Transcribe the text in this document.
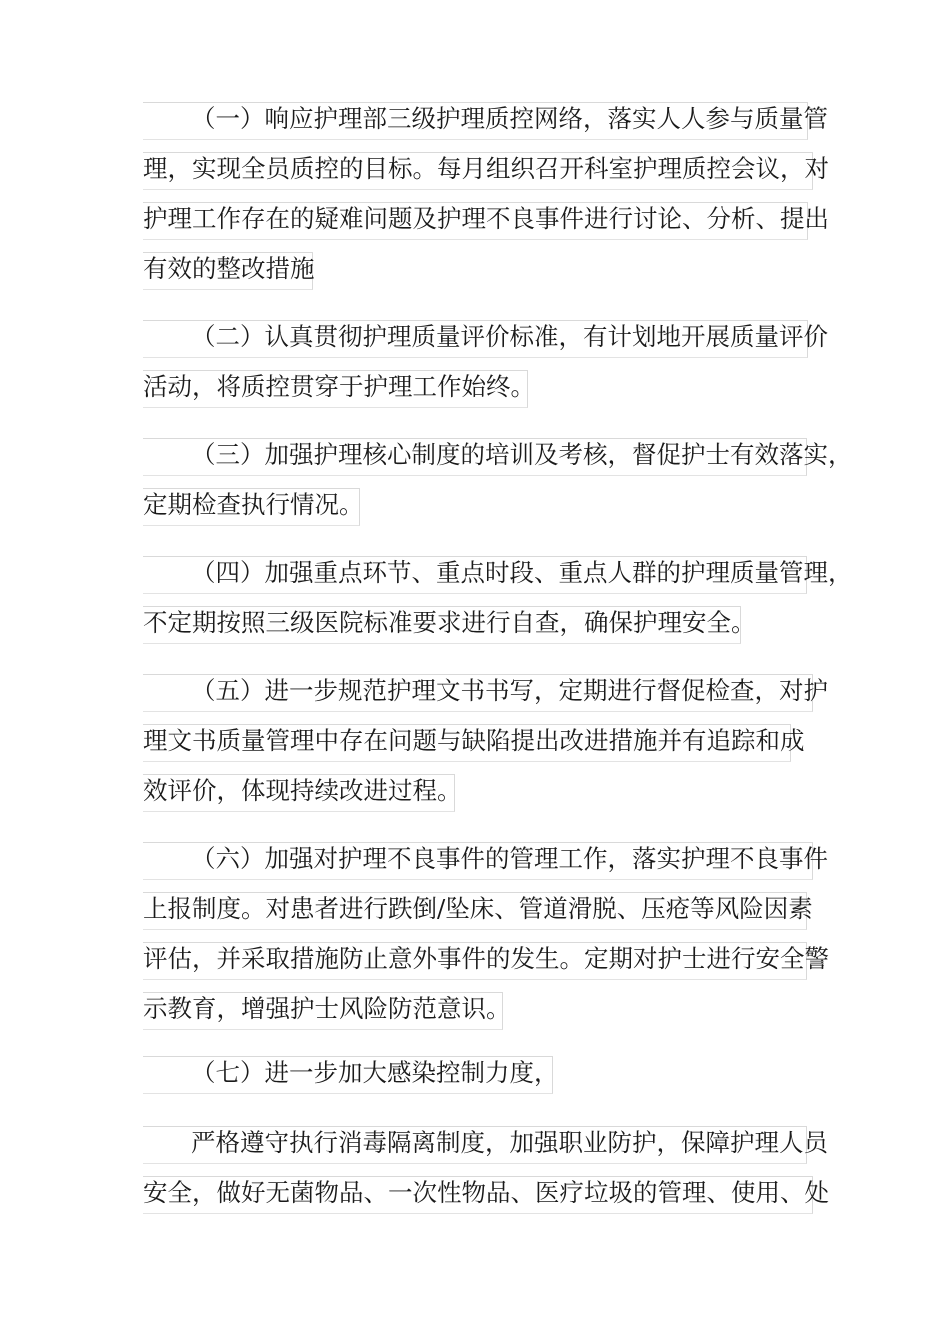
（一）响应护理部三级护理质控网络，落实人人参与质量管
理，实现全员质控的目标。每月组织召开科室护理质控会议，对
护理工作存在的疑难问题及护理不良事件进行讨论、分析、提出
有效的整改措施
（二）认真贯彻护理质量评价标准，有计划地开展质量评价
活动，将质控贯穿于护理工作始终。
（三）加强护理核心制度的培训及考核，督促护士有效落实，
定期检查执行情况。
（四）加强重点环节、重点时段、重点人群的护理质量管理，
不定期按照三级医院标准要求进行自查，确保护理安全。
（五）进一步规范护理文书书写，定期进行督促检查，对护
理文书质量管理中存在问题与缺陷提出改进措施并有追踪和成
效评价，体现持续改进过程。
（六）加强对护理不良事件的管理工作，落实护理不良事件
上报制度。对患者进行跌倒/坠床、管道滑脱、压疮等风险因素
评估，并采取措施防止意外事件的发生。定期对护士进行安全警
示教育，增强护士风险防范意识。
（七）进一步加大感染控制力度，
严格遵守执行消毒隔离制度，加强职业防护，保障护理人员
安全，做好无菌物品、一次性物品、医疗垃圾的管理、使用、处
